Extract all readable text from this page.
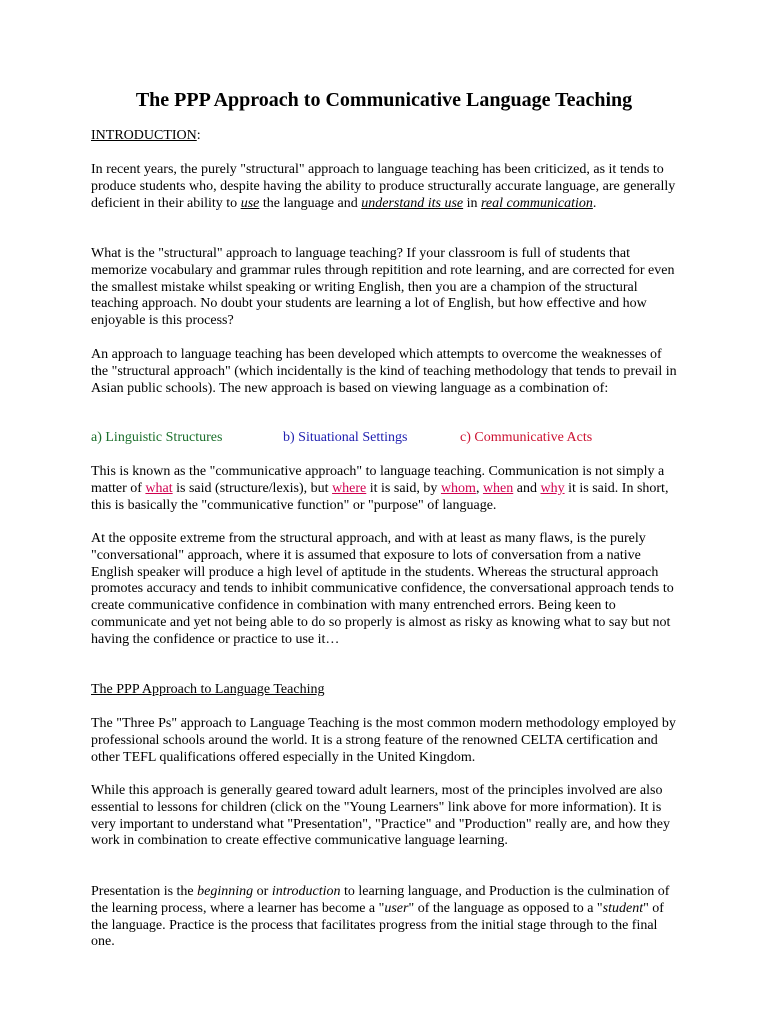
The PPP Approach to Communicative Language Teaching

INTRODUCTION:

In recent years, the purely "structural" approach to language teaching has been criticized, as it tends to produce students who, despite having the ability to produce structurally accurate language, are generally deficient in their ability to use the language and understand its use in real communication.

What is the "structural" approach to language teaching? If your classroom is full of students that memorize vocabulary and grammar rules through repitition and rote learning, and are corrected for even the smallest mistake whilst speaking or writing English, then you are a champion of the structural teaching approach. No doubt your students are learning a lot of English, but how effective and how enjoyable is this process?

An approach to language teaching has been developed which attempts to overcome the weaknesses of the "structural approach" (which incidentally is the kind of teaching methodology that tends to prevail in Asian public schools). The new approach is based on viewing language as a combination of:

a) Linguistic Structures	b) Situational Settings	c) Communicative Acts

This is known as the "communicative approach" to language teaching. Communication is not simply a matter of what is said (structure/lexis), but where it is said, by whom, when and why it is said. In short, this is basically the "communicative function" or "purpose" of language.

At the opposite extreme from the structural approach, and with at least as many flaws, is the purely "conversational" approach, where it is assumed that exposure to lots of conversation from a native English speaker will produce a high level of aptitude in the students. Whereas the structural approach promotes accuracy and tends to inhibit communicative confidence, the conversational approach tends to create communicative confidence in combination with many entrenched errors. Being keen to communicate and yet not being able to do so properly is almost as risky as knowing what to say but not having the confidence or practice to use it…

The PPP Approach to Language Teaching

The "Three Ps" approach to Language Teaching is the most common modern methodology employed by professional schools around the world. It is a strong feature of the renowned CELTA certification and other TEFL qualifications offered especially in the United Kingdom.

While this approach is generally geared toward adult learners, most of the principles involved are also essential to lessons for children (click on the "Young Learners" link above for more information). It is very important to understand what "Presentation", "Practice" and "Production" really are, and how they work in combination to create effective communicative language learning.

Presentation is the beginning or introduction to learning language, and Production is the culmination of the learning process, where a learner has become a "user" of the language as opposed to a "student" of the language. Practice is the process that facilitates progress from the initial stage through to the final one.
